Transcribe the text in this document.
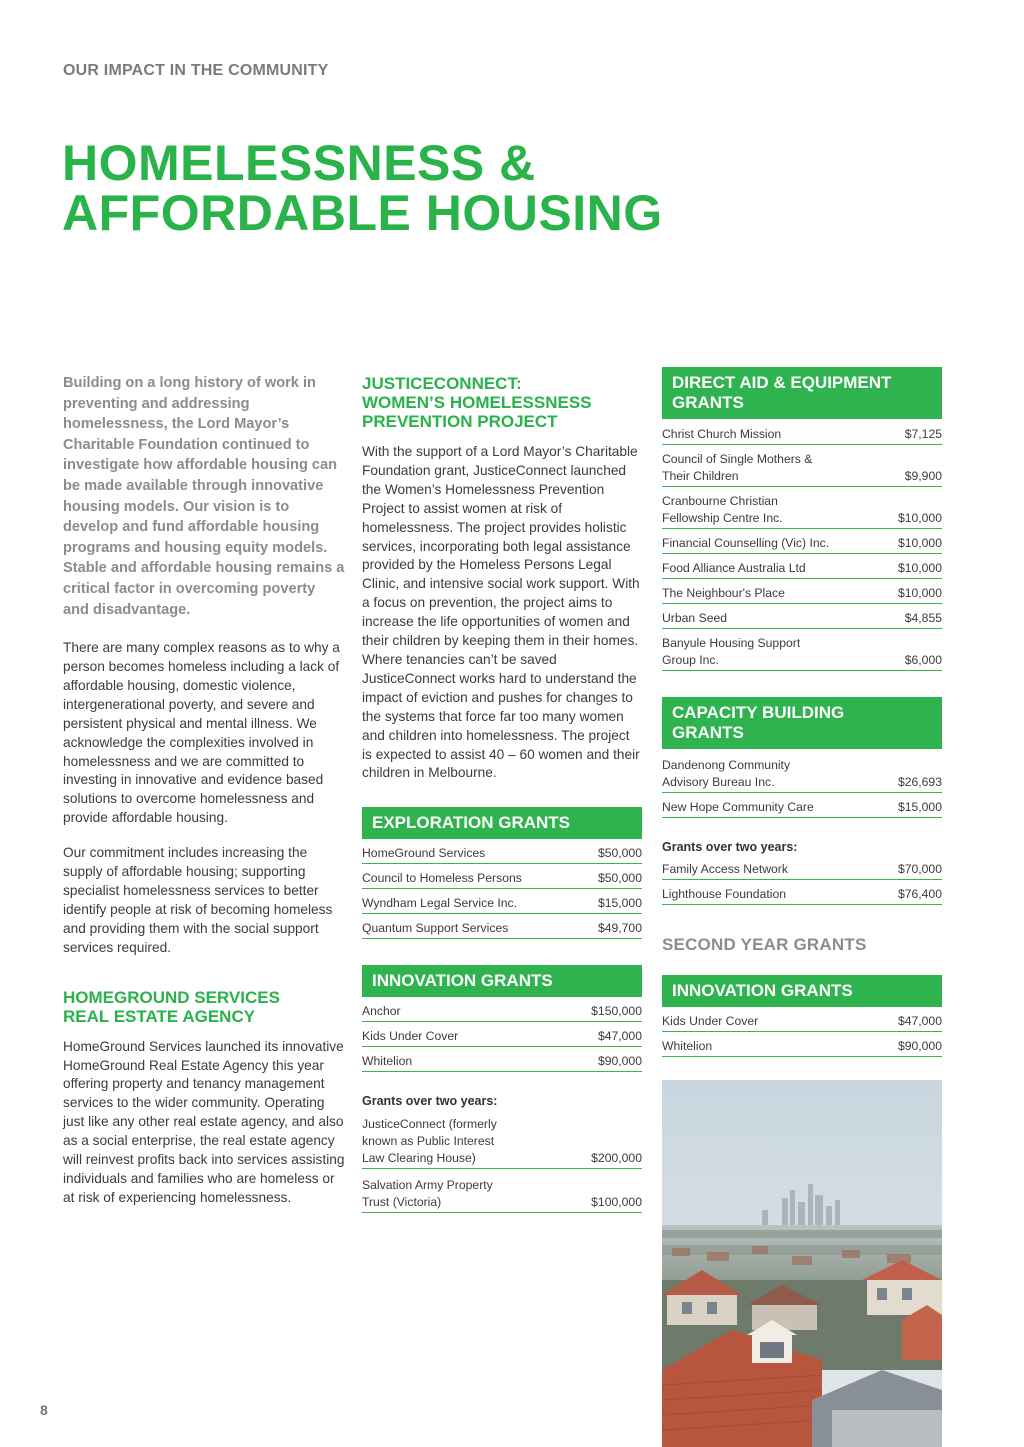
OUR IMPACT IN THE COMMUNITY
HOMELESSNESS &
AFFORDABLE HOUSING

Building on a long history of work in preventing and addressing homelessness, the Lord Mayor’s Charitable Foundation continued to investigate how affordable housing can be made available through innovative housing models. Our vision is to develop and fund affordable housing programs and housing equity models. Stable and affordable housing remains a critical factor in overcoming poverty and disadvantage.

There are many complex reasons as to why a person becomes homeless including a lack of affordable housing, domestic violence, intergenerational poverty, and severe and persistent physical and mental illness. We acknowledge the complexities involved in homelessness and we are committed to investing in innovative and evidence based solutions to overcome homelessness and provide affordable housing.

Our commitment includes increasing the supply of affordable housing; supporting specialist homelessness services to better identify people at risk of becoming homeless and providing them with the social support services required.

HOMEGROUND SERVICES
REAL ESTATE AGENCY

HomeGround Services launched its innovative HomeGround Real Estate Agency this year offering property and tenancy management services to the wider community. Operating just like any other real estate agency, and also as a social enterprise, the real estate agency will reinvest profits back into services assisting individuals and families who are homeless or at risk of experiencing homelessness.

JUSTICECONNECT:
WOMEN’S HOMELESSNESS
PREVENTION PROJECT

With the support of a Lord Mayor’s Charitable Foundation grant, JusticeConnect launched the Women’s Homelessness Prevention Project to assist women at risk of homelessness. The project provides holistic services, incorporating both legal assistance provided by the Homeless Persons Legal Clinic, and intensive social work support. With a focus on prevention, the project aims to increase the life opportunities of women and their children by keeping them in their homes. Where tenancies can’t be saved JusticeConnect works hard to understand the impact of eviction and pushes for changes to the systems that force far too many women and children into homelessness. The project is expected to assist 40 – 60 women and their children in Melbourne.

EXPLORATION GRANTS
HomeGround Services	$50,000
Council to Homeless Persons	$50,000
Wyndham Legal Service Inc.	$15,000
Quantum Support Services	$49,700
INNOVATION GRANTS
Anchor	$150,000
Kids Under Cover	$47,000
Whitelion	$90,000
Grants over two years:
JusticeConnect (formerly known as Public Interest Law Clearing House)	$200,000
Salvation Army Property Trust (Victoria)	$100,000
DIRECT AID & EQUIPMENT
GRANTS
Christ Church Mission	$7,125
Council of Single Mothers & Their Children	$9,900
Cranbourne Christian Fellowship Centre Inc.	$10,000
Financial Counselling (Vic) Inc.	$10,000
Food Alliance Australia Ltd	$10,000
The Neighbour's Place	$10,000
Urban Seed	$4,855
Banyule Housing Support Group Inc.	$6,000
CAPACITY BUILDING
GRANTS
Dandenong Community Advisory Bureau Inc.	$26,693
New Hope Community Care	$15,000
Grants over two years:
Family Access Network	$70,000
Lighthouse Foundation	$76,400
SECOND YEAR GRANTS
INNOVATION GRANTS
Kids Under Cover	$47,000
Whitelion	$90,000
8
